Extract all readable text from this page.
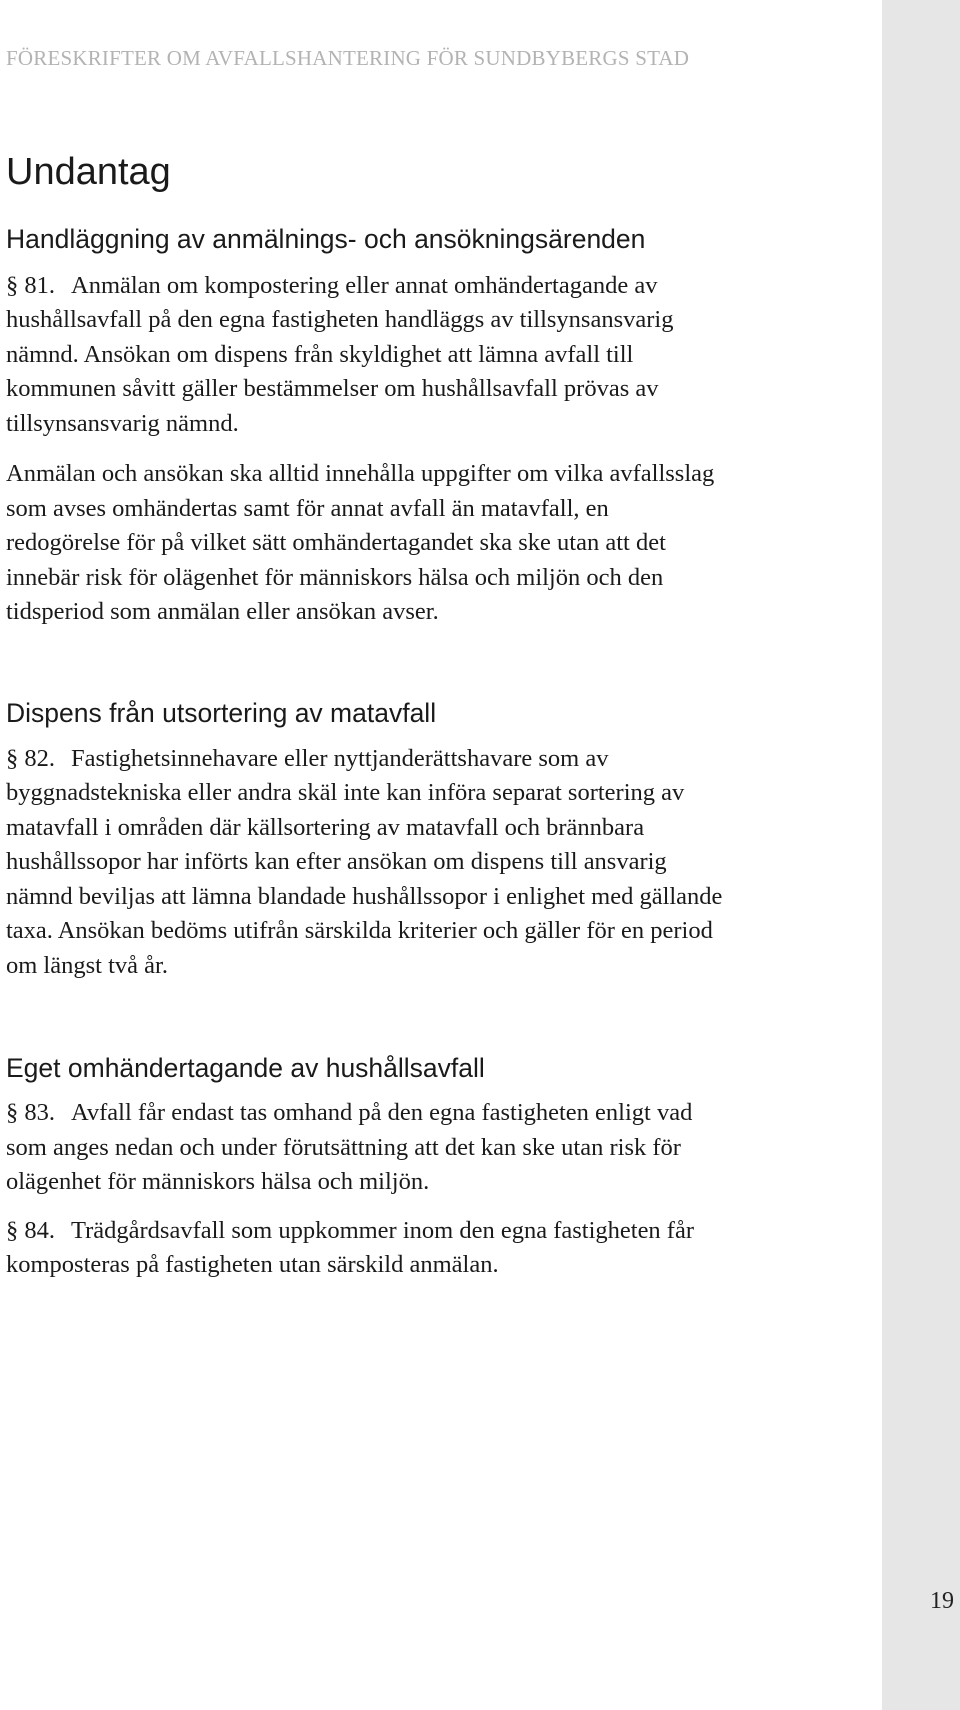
FÖRESKRIFTER OM AVFALLSHANTERING FÖR SUNDBYBERGS STAD
Undantag
Handläggning av anmälnings- och ansökningsärenden

§ 81. Anmälan om kompostering eller annat omhändertagande av hushållsavfall på den egna fastigheten handläggs av tillsynsansvarig nämnd. Ansökan om dispens från skyldighet att lämna avfall till kommunen såvitt gäller bestämmelser om hushållsavfall prövas av tillsynsansvarig nämnd.

Anmälan och ansökan ska alltid innehålla uppgifter om vilka avfallsslag som avses omhändertas samt för annat avfall än matavfall, en redogörelse för på vilket sätt omhändertagandet ska ske utan att det innebär risk för olägenhet för människors hälsa och miljön och den tidsperiod som anmälan eller ansökan avser.

Dispens från utsortering av matavfall

§ 82. Fastighetsinnehavare eller nyttjanderättshavare som av byggnadstekniska eller andra skäl inte kan införa separat sortering av matavfall i områden där källsortering av matavfall och brännbara hushållssopor har införts kan efter ansökan om dispens till ansvarig nämnd beviljas att lämna blandade hushållssopor i enlighet med gällande taxa. Ansökan bedöms utifrån särskilda kriterier och gäller för en period om längst två år.

Eget omhändertagande av hushållsavfall

§ 83. Avfall får endast tas omhand på den egna fastigheten enligt vad som anges nedan och under förutsättning att det kan ske utan risk för olägenhet för människors hälsa och miljön.

§ 84. Trädgårdsavfall som uppkommer inom den egna fastigheten får komposteras på fastigheten utan särskild anmälan.

19
